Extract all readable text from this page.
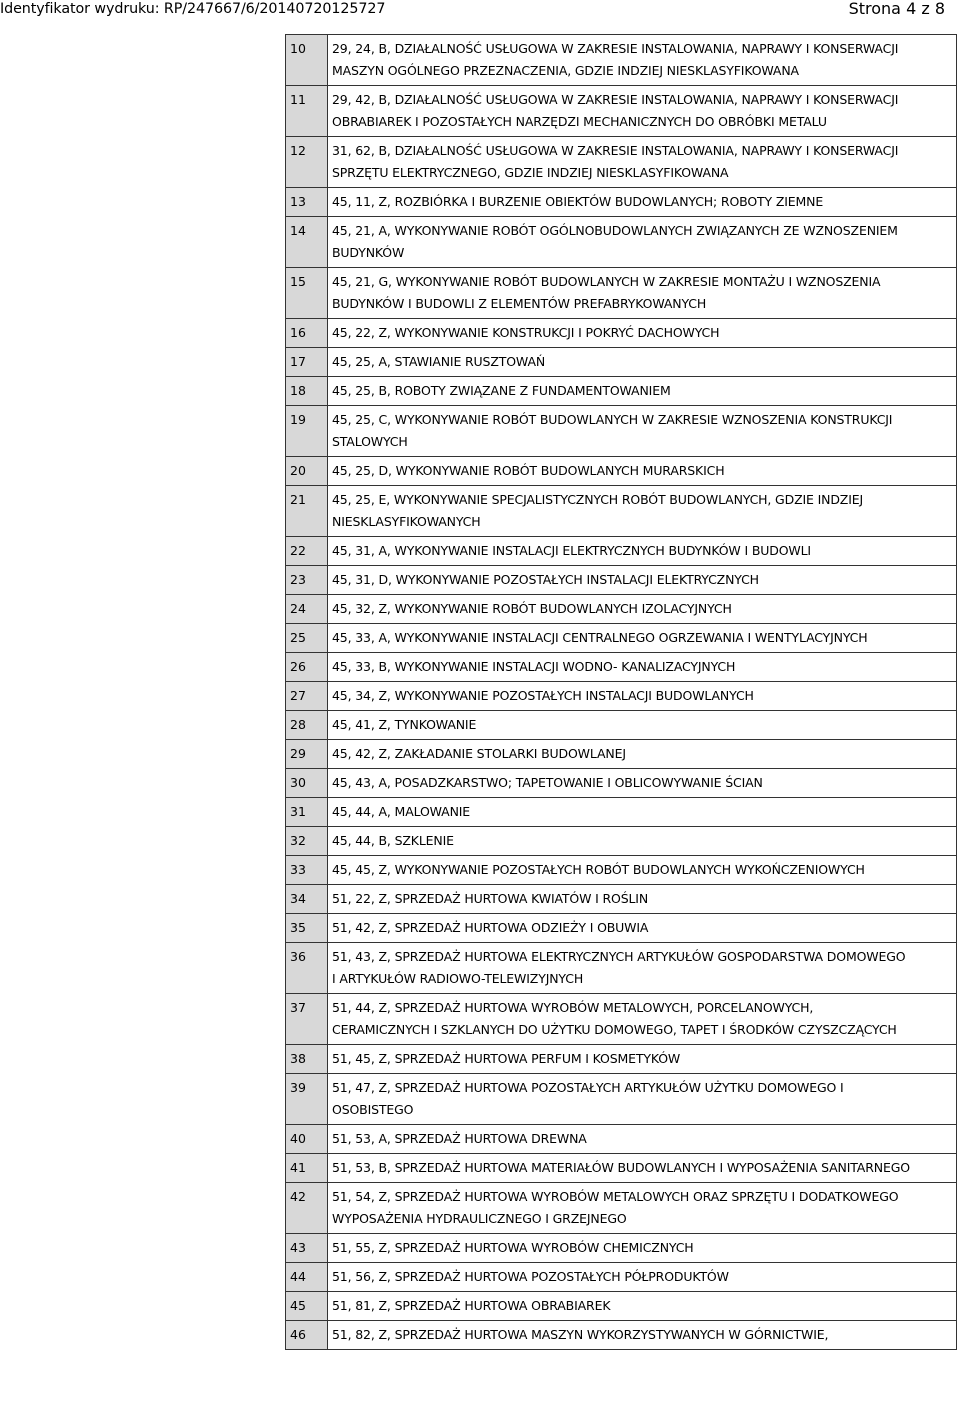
Identyfikator wydruku: RP/247667/6/20140720125727	Strona 4 z 8
10	29, 24, B, DZIAŁALNOŚĆ USŁUGOWA W ZAKRESIE INSTALOWANIA, NAPRAWY I KONSERWACJI
MASZYN OGÓLNEGO PRZEZNACZENIA, GDZIE INDZIEJ NIESKLASYFIKOWANA

11	29, 42, B, DZIAŁALNOŚĆ USŁUGOWA W ZAKRESIE INSTALOWANIA, NAPRAWY I KONSERWACJI
OBRABIAREK I POZOSTAŁYCH NARZĘDZI MECHANICZNYCH DO OBRÓBKI METALU

12	31, 62, B, DZIAŁALNOŚĆ USŁUGOWA W ZAKRESIE INSTALOWANIA, NAPRAWY I KONSERWACJI
SPRZĘTU ELEKTRYCZNEGO, GDZIE INDZIEJ NIESKLASYFIKOWANA

13	45, 11, Z, ROZBIÓRKA I BURZENIE OBIEKTÓW BUDOWLANYCH; ROBOTY ZIEMNE

14	45, 21, A, WYKONYWANIE ROBÓT OGÓLNOBUDOWLANYCH ZWIĄZANYCH ZE WZNOSZENIEM
BUDYNKÓW

15	45, 21, G, WYKONYWANIE ROBÓT BUDOWLANYCH W ZAKRESIE MONTAŻU I WZNOSZENIA
BUDYNKÓW I BUDOWLI Z ELEMENTÓW PREFABRYKOWANYCH

16	45, 22, Z, WYKONYWANIE KONSTRUKCJI I POKRYĆ DACHOWYCH

17	45, 25, A, STAWIANIE RUSZTOWAŃ

18	45, 25, B, ROBOTY ZWIĄZANE Z FUNDAMENTOWANIEM

19	45, 25, C, WYKONYWANIE ROBÓT BUDOWLANYCH W ZAKRESIE WZNOSZENIA KONSTRUKCJI
STALOWYCH

20	45, 25, D, WYKONYWANIE ROBÓT BUDOWLANYCH MURARSKICH

21	45, 25, E, WYKONYWANIE SPECJALISTYCZNYCH ROBÓT BUDOWLANYCH, GDZIE INDZIEJ
NIESKLASYFIKOWANYCH

22	45, 31, A, WYKONYWANIE INSTALACJI ELEKTRYCZNYCH BUDYNKÓW I BUDOWLI

23	45, 31, D, WYKONYWANIE POZOSTAŁYCH INSTALACJI ELEKTRYCZNYCH

24	45, 32, Z, WYKONYWANIE ROBÓT BUDOWLANYCH IZOLACYJNYCH

25	45, 33, A, WYKONYWANIE INSTALACJI CENTRALNEGO OGRZEWANIA I WENTYLACYJNYCH

26	45, 33, B, WYKONYWANIE INSTALACJI WODNO- KANALIZACYJNYCH

27	45, 34, Z, WYKONYWANIE POZOSTAŁYCH INSTALACJI BUDOWLANYCH

28	45, 41, Z, TYNKOWANIE

29	45, 42, Z, ZAKŁADANIE STOLARKI BUDOWLANEJ

30	45, 43, A, POSADZKARSTWO; TAPETOWANIE I OBLICOWYWANIE ŚCIAN

31	45, 44, A, MALOWANIE

32	45, 44, B, SZKLENIE

33	45, 45, Z, WYKONYWANIE POZOSTAŁYCH ROBÓT BUDOWLANYCH WYKOŃCZENIOWYCH

34	51, 22, Z, SPRZEDAŻ HURTOWA KWIATÓW I ROŚLIN

35	51, 42, Z, SPRZEDAŻ HURTOWA ODZIEŻY I OBUWIA

36	51, 43, Z, SPRZEDAŻ HURTOWA ELEKTRYCZNYCH ARTYKUŁÓW GOSPODARSTWA DOMOWEGO
I ARTYKUŁÓW RADIOWO-TELEWIZYJNYCH

37	51, 44, Z, SPRZEDAŻ HURTOWA WYROBÓW METALOWYCH, PORCELANOWYCH,
CERAMICZNYCH I SZKLANYCH DO UŻYTKU DOMOWEGO, TAPET I ŚRODKÓW CZYSZCZĄCYCH

38	51, 45, Z, SPRZEDAŻ HURTOWA PERFUM I KOSMETYKÓW

39	51, 47, Z, SPRZEDAŻ HURTOWA POZOSTAŁYCH ARTYKUŁÓW UŻYTKU DOMOWEGO I
OSOBISTEGO

40	51, 53, A, SPRZEDAŻ HURTOWA DREWNA

41	51, 53, B, SPRZEDAŻ HURTOWA MATERIAŁÓW BUDOWLANYCH I WYPOSAŻENIA SANITARNEGO

42	51, 54, Z, SPRZEDAŻ HURTOWA WYROBÓW METALOWYCH ORAZ SPRZĘTU I DODATKOWEGO
WYPOSAŻENIA HYDRAULICZNEGO I GRZEJNEGO

43	51, 55, Z, SPRZEDAŻ HURTOWA WYROBÓW CHEMICZNYCH

44	51, 56, Z, SPRZEDAŻ HURTOWA POZOSTAŁYCH PÓŁPRODUKTÓW

45	51, 81, Z, SPRZEDAŻ HURTOWA OBRABIAREK

46	51, 82, Z, SPRZEDAŻ HURTOWA MASZYN WYKORZYSTYWANYCH W GÓRNICTWIE,
